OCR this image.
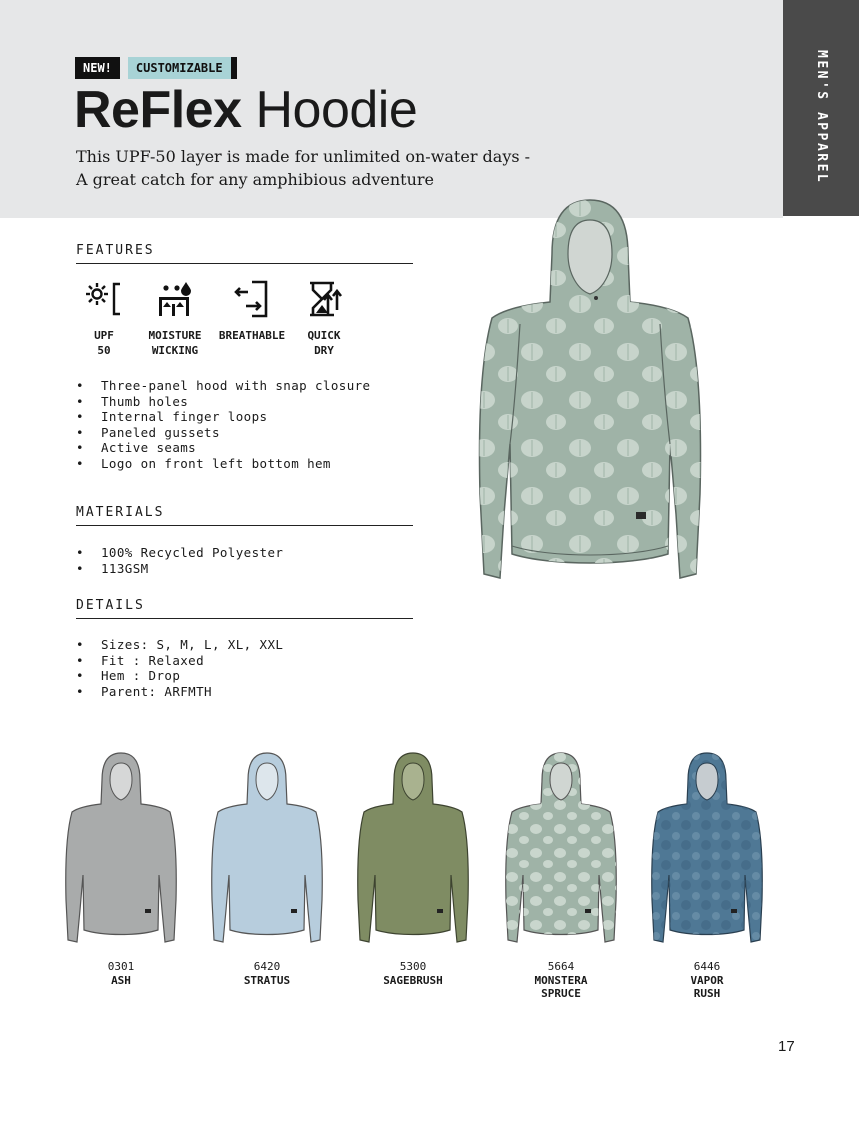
MEN'S APPAREL
NEW!	CUSTOMIZABLE
ReFlex Hoodie
This UPF-50 layer is made for unlimited on-water days -
A great catch for any amphibious adventure
FEATURES
UPF
50
MOISTURE
WICKING
BREATHABLE	QUICK
DRY
• Three-panel hood with snap closure
• Thumb holes
• Internal finger loops
• Paneled gussets
• Active seams
• Logo on front left bottom hem
MATERIALS
• 100% Recycled Polyester
• 113GSM
DETAILS
• Sizes: S, M, L, XL, XXL
• Fit : Relaxed
• Hem : Drop
• Parent: ARFMTH
0301
ASH
6420
STRATUS
5300
SAGEBRUSH
5664
MONSTERA
SPRUCE
6446
VAPOR
RUSH
17
